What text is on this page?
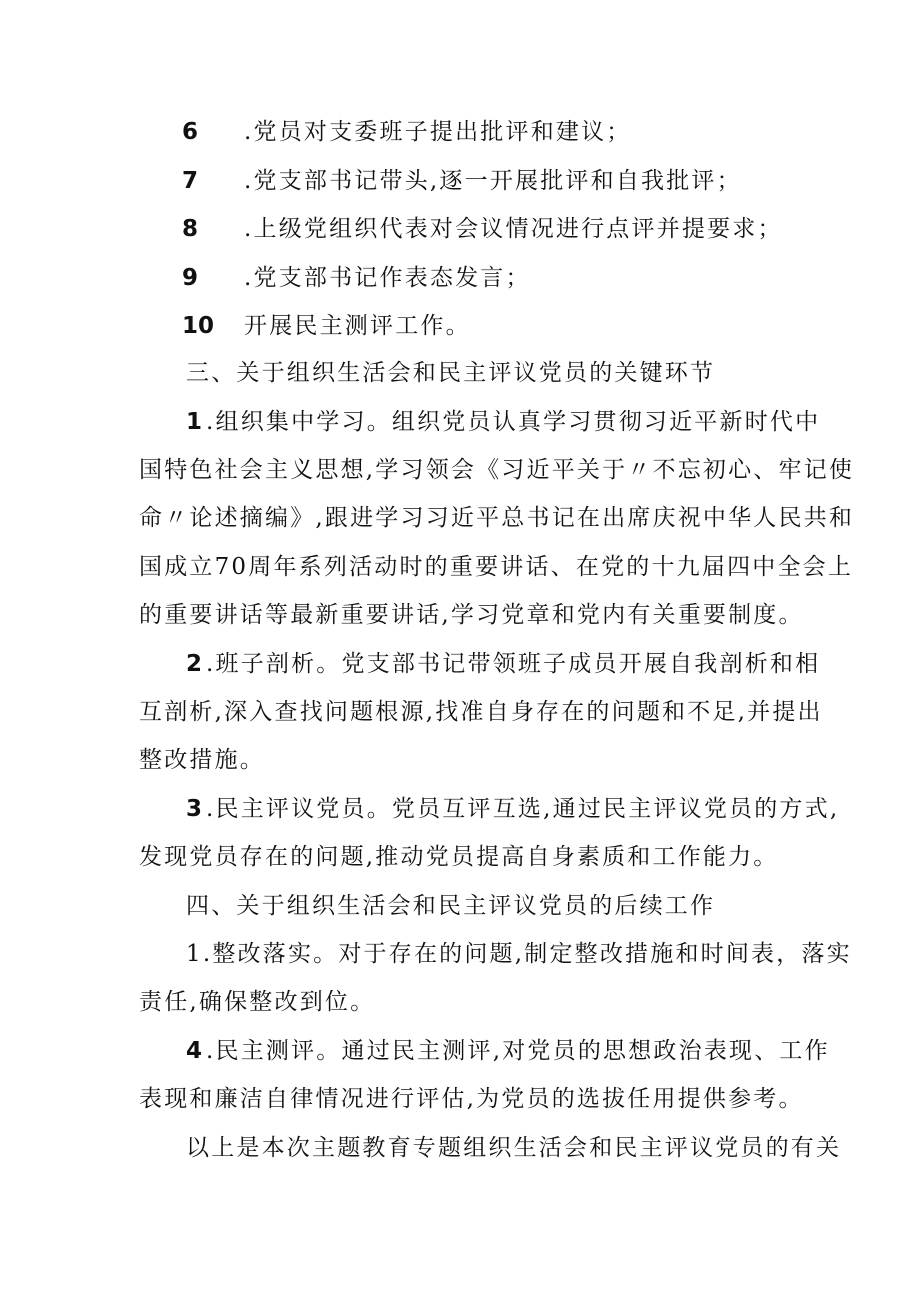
6 .党员对支委班子提出批评和建议；
7 .党支部书记带头,逐一开展批评和自我批评；
8 .上级党组织代表对会议情况进行点评并提要求；
9 .党支部书记作表态发言；
10 开展民主测评工作。
三、关于组织生活会和民主评议党员的关键环节
1 .组织集中学习。组织党员认真学习贯彻习近平新时代中
国特色社会主义思想,学习领会《习近平关于〃不忘初心、牢记使
命〃论述摘编》,跟进学习习近平总书记在出席庆祝中华人民共和
国成立70周年系列活动时的重要讲话、在党的十九届四中全会上
的重要讲话等最新重要讲话,学习党章和党内有关重要制度。
2 .班子剖析。党支部书记带领班子成员开展自我剖析和相
互剖析,深入查找问题根源,找准自身存在的问题和不足,并提出
整改措施。
3 .民主评议党员。党员互评互选,通过民主评议党员的方式,
发现党员存在的问题,推动党员提高自身素质和工作能力。
四、关于组织生活会和民主评议党员的后续工作
1.整改落实。对于存在的问题,制定整改措施和时间表，落实
责任,确保整改到位。
4 .民主测评。通过民主测评,对党员的思想政治表现、工作
表现和廉洁自律情况进行评估,为党员的选拔任用提供参考。
以上是本次主题教育专题组织生活会和民主评议党员的有关
